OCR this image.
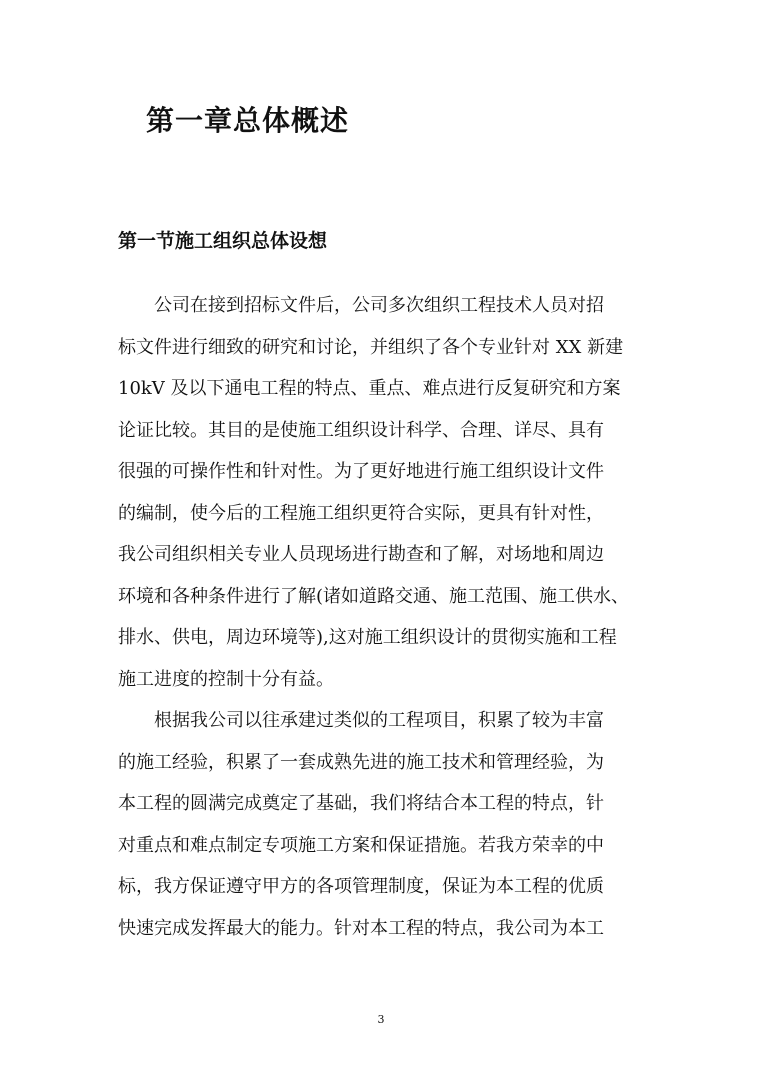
第一章总体概述
第一节施工组织总体设想

公司在接到招标文件后，公司多次组织工程技术人员对招

标文件进行细致的研究和讨论，并组织了各个专业针对 XX 新建

10kV 及以下通电工程的特点、重点、难点进行反复研究和方案

论证比较。其目的是使施工组织设计科学、合理、详尽、具有

很强的可操作性和针对性。为了更好地进行施工组织设计文件

的编制，使今后的工程施工组织更符合实际，更具有针对性，

我公司组织相关专业人员现场进行勘查和了解，对场地和周边

环境和各种条件进行了解(诸如道路交通、施工范围、施工供水、

排水、供电，周边环境等),这对施工组织设计的贯彻实施和工程

施工进度的控制十分有益。

根据我公司以往承建过类似的工程项目，积累了较为丰富

的施工经验，积累了一套成熟先进的施工技术和管理经验，为

本工程的圆满完成奠定了基础，我们将结合本工程的特点，针

对重点和难点制定专项施工方案和保证措施。若我方荣幸的中

标，我方保证遵守甲方的各项管理制度，保证为本工程的优质

快速完成发挥最大的能力。针对本工程的特点，我公司为本工

3
